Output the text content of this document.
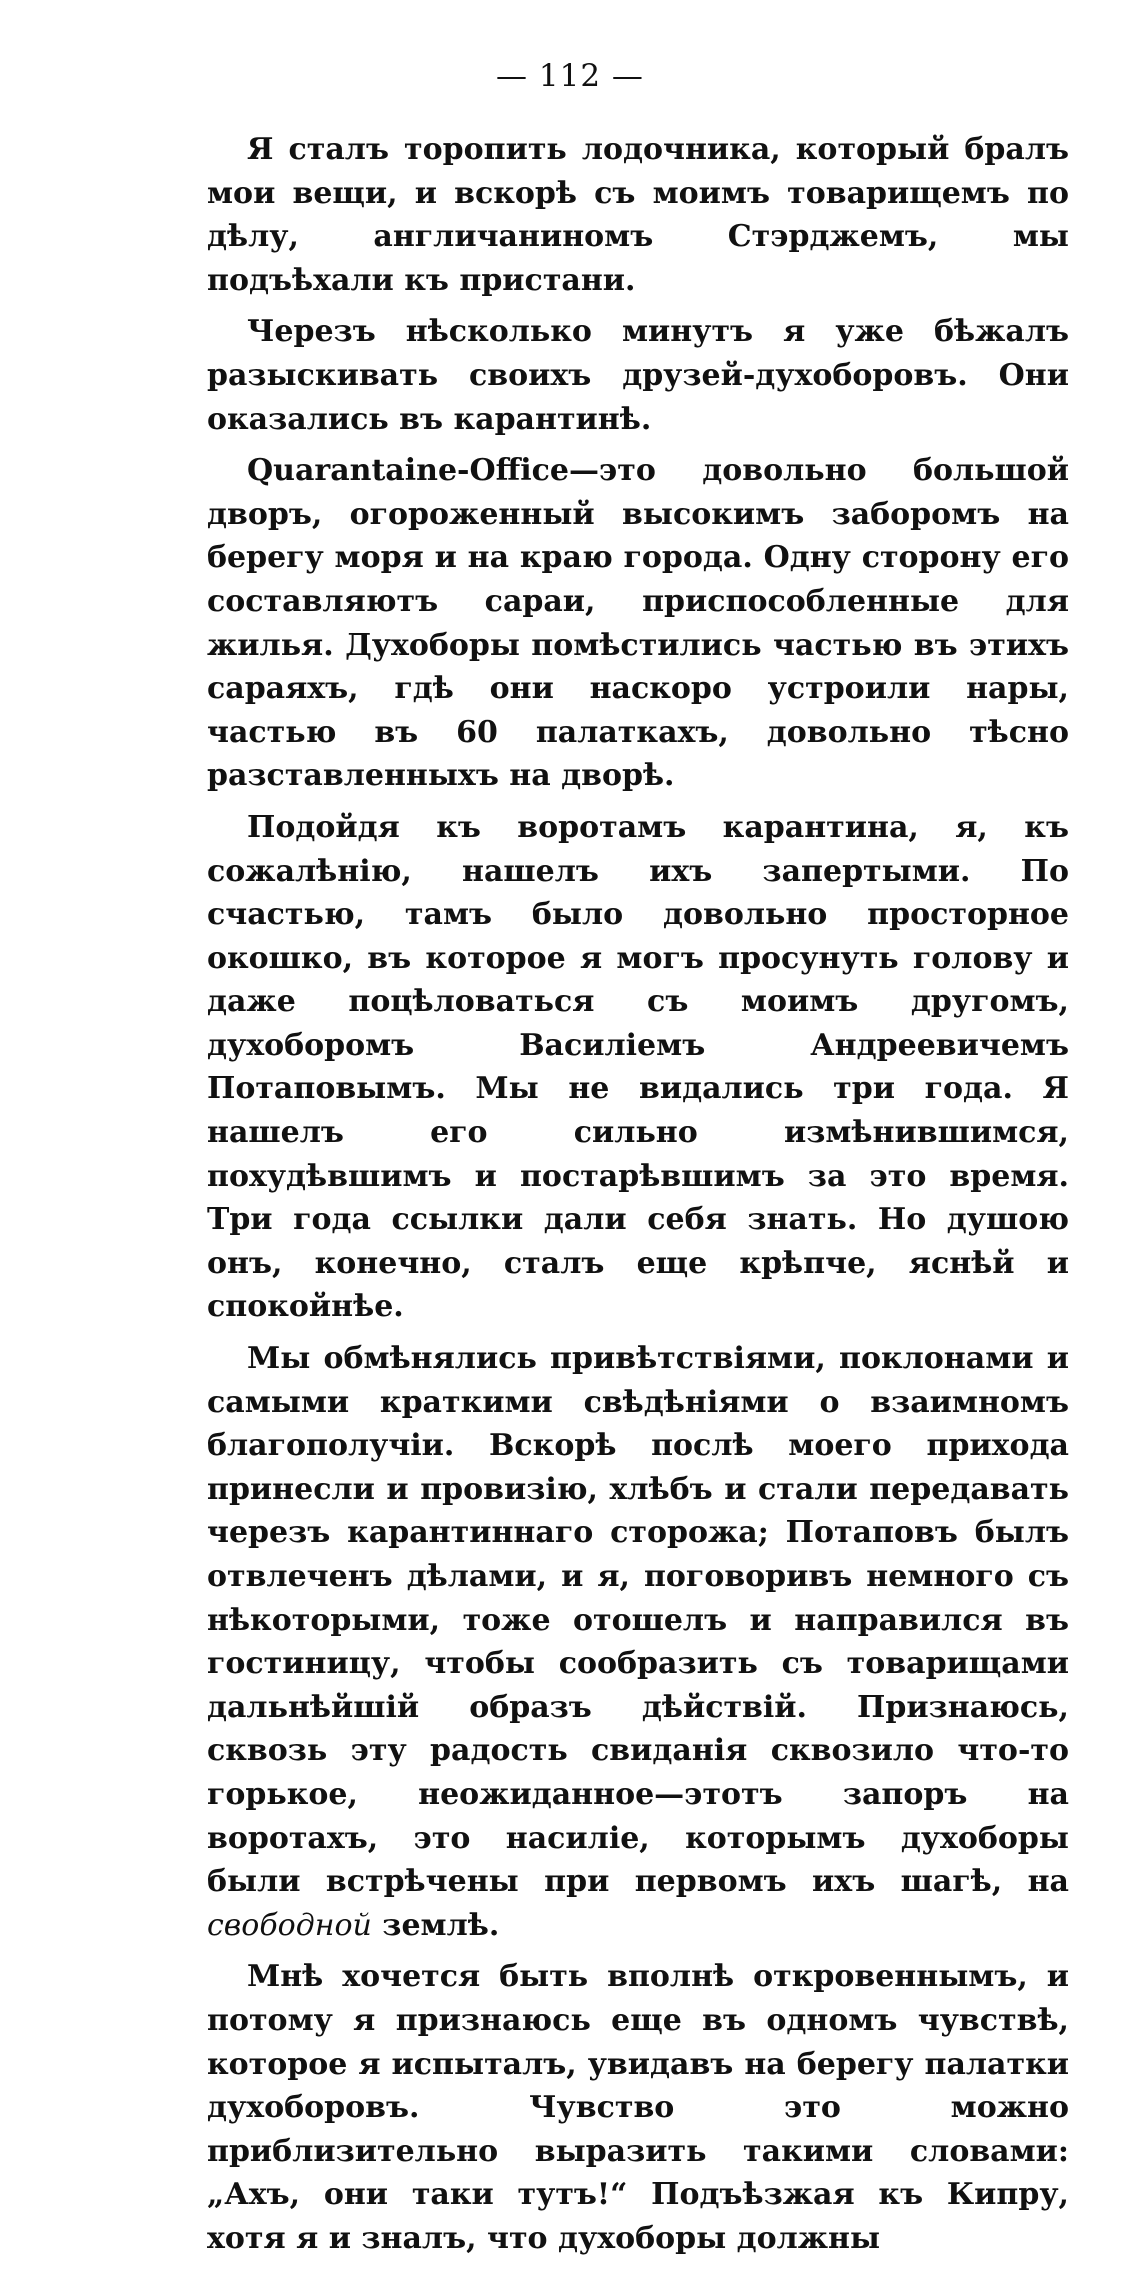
— 112 —

Я сталъ торопить лодочника, который бралъ мои вещи, и вскорѣ съ моимъ товарищемъ по дѣлу, англичаниномъ Стэрджемъ, мы подъѣхали къ пристани.

Черезъ нѣсколько минутъ я уже бѣжалъ разыскивать своихъ друзей-духоборовъ. Они оказались въ карантинѣ.

Quarantaine-Office—это довольно большой дворъ, огороженный высокимъ заборомъ на берегу моря и на краю города. Одну сторону его составляютъ сараи, приспособленные для жилья. Духоборы помѣстились частью въ этихъ сараяхъ, гдѣ они наскоро устроили нары, частью въ 60 палаткахъ, довольно тѣсно разставленныхъ на дворѣ.

Подойдя къ воротамъ карантина, я, къ сожалѣнію, нашелъ ихъ запертыми. По счастью, тамъ было довольно просторное окошко, въ которое я могъ просунуть голову и даже поцѣловаться съ моимъ другомъ, духоборомъ Василіемъ Андреевичемъ Потаповымъ. Мы не видались три года. Я нашелъ его сильно измѣнившимся, похудѣвшимъ и постарѣвшимъ за это время. Три года ссылки дали себя знать. Но душою онъ, конечно, сталъ еще крѣпче, яснѣй и спокойнѣе.

Мы обмѣнялись привѣтствіями, поклонами и самыми краткими свѣдѣніями о взаимномъ благополучіи. Вскорѣ послѣ моего прихода принесли и провизію, хлѣбъ и стали передавать черезъ карантиннаго сторожа; Потаповъ былъ отвлеченъ дѣлами, и я, поговоривъ немного съ нѣкоторыми, тоже отошелъ и направился въ гостиницу, чтобы сообразить съ товарищами дальнѣйшій образъ дѣйствій. Признаюсь, сквозь эту радость свиданія сквозило что-то горькое, неожиданное—этотъ запоръ на воротахъ, это насиліе, которымъ духоборы были встрѣчены при первомъ ихъ шагѣ, на свободной землѣ.

Мнѣ хочется быть вполнѣ откровеннымъ, и потому я признаюсь еще въ одномъ чувствѣ, которое я испыталъ, увидавъ на берегу палатки духоборовъ. Чувство это можно приблизительно выразить такими словами: „Ахъ, они таки тутъ!“ Подъѣзжая къ Кипру, хотя я и зналъ, что духоборы должны
